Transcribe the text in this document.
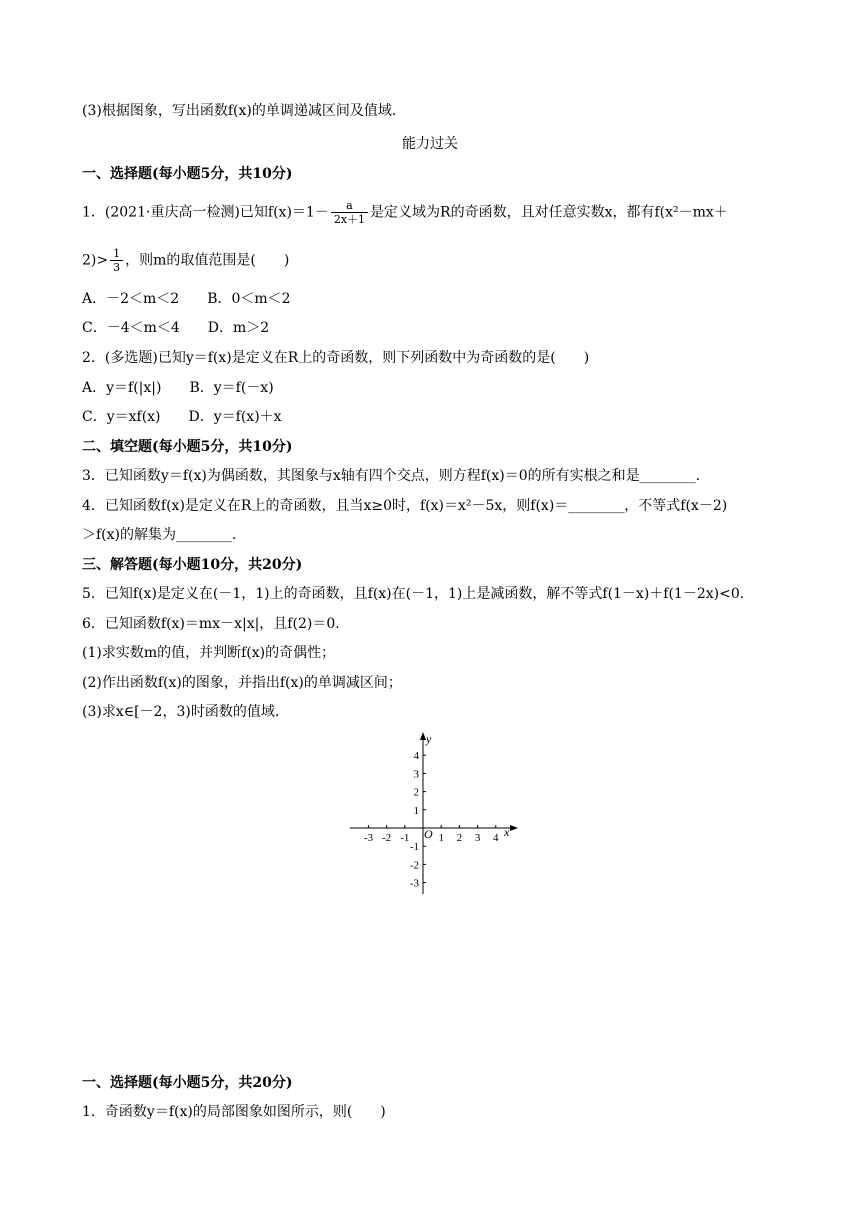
(3)根据图象，写出函数f(x)的单调递减区间及值域．
能力过关
一、选择题(每小题5分，共10分)
1．(2021·重庆高一检测)已知$f(x)=1- \frac{a}{2x+1}$ 是定义域为R的奇函数，且对任意实数x，都有f(x²－mx＋
$2)> \frac{1}{3}$ ，则m的取值范围是(　　)
A．－2＜m＜2　　B．0＜m＜2
C．－4＜m＜4　　D．m＞2
2．(多选题)已知y＝f(x)是定义在R上的奇函数，则下列函数中为奇函数的是(　　)
A．y＝f(|x|)　　B．y＝f(－x)
C．y＝xf(x)　　D．y＝f(x)＋x
二、填空题(每小题5分，共10分)
3．已知函数y＝f(x)为偶函数，其图象与x轴有四个交点，则方程f(x)＝0的所有实根之和是________．
4．已知函数f(x)是定义在R上的奇函数，且当x≥0时，f(x)＝x²－5x，则f(x)＝________，不等式f(x－2)
＞f(x)的解集为________．
三、解答题(每小题10分，共20分)
5．已知f(x)是定义在(－1，1)上的奇函数，且f(x)在(－1，1)上是减函数，解不等式f(1－x)＋f(1－2x)<0.
6．已知函数f(x)＝mx－x|x|，且f(2)＝0.
(1)求实数m的值，并判断f(x)的奇偶性；
(2)作出函数f(x)的图象，并指出f(x)的单调减区间；
(3)求x∈[－2，3)时函数的值域．
x
y
O
-3 -2 -1	1 2 3 4
4
3
2
1
-1
-2
-3
一、选择题(每小题5分，共20分)
1．奇函数y＝f(x)的局部图象如图所示，则(　　)
